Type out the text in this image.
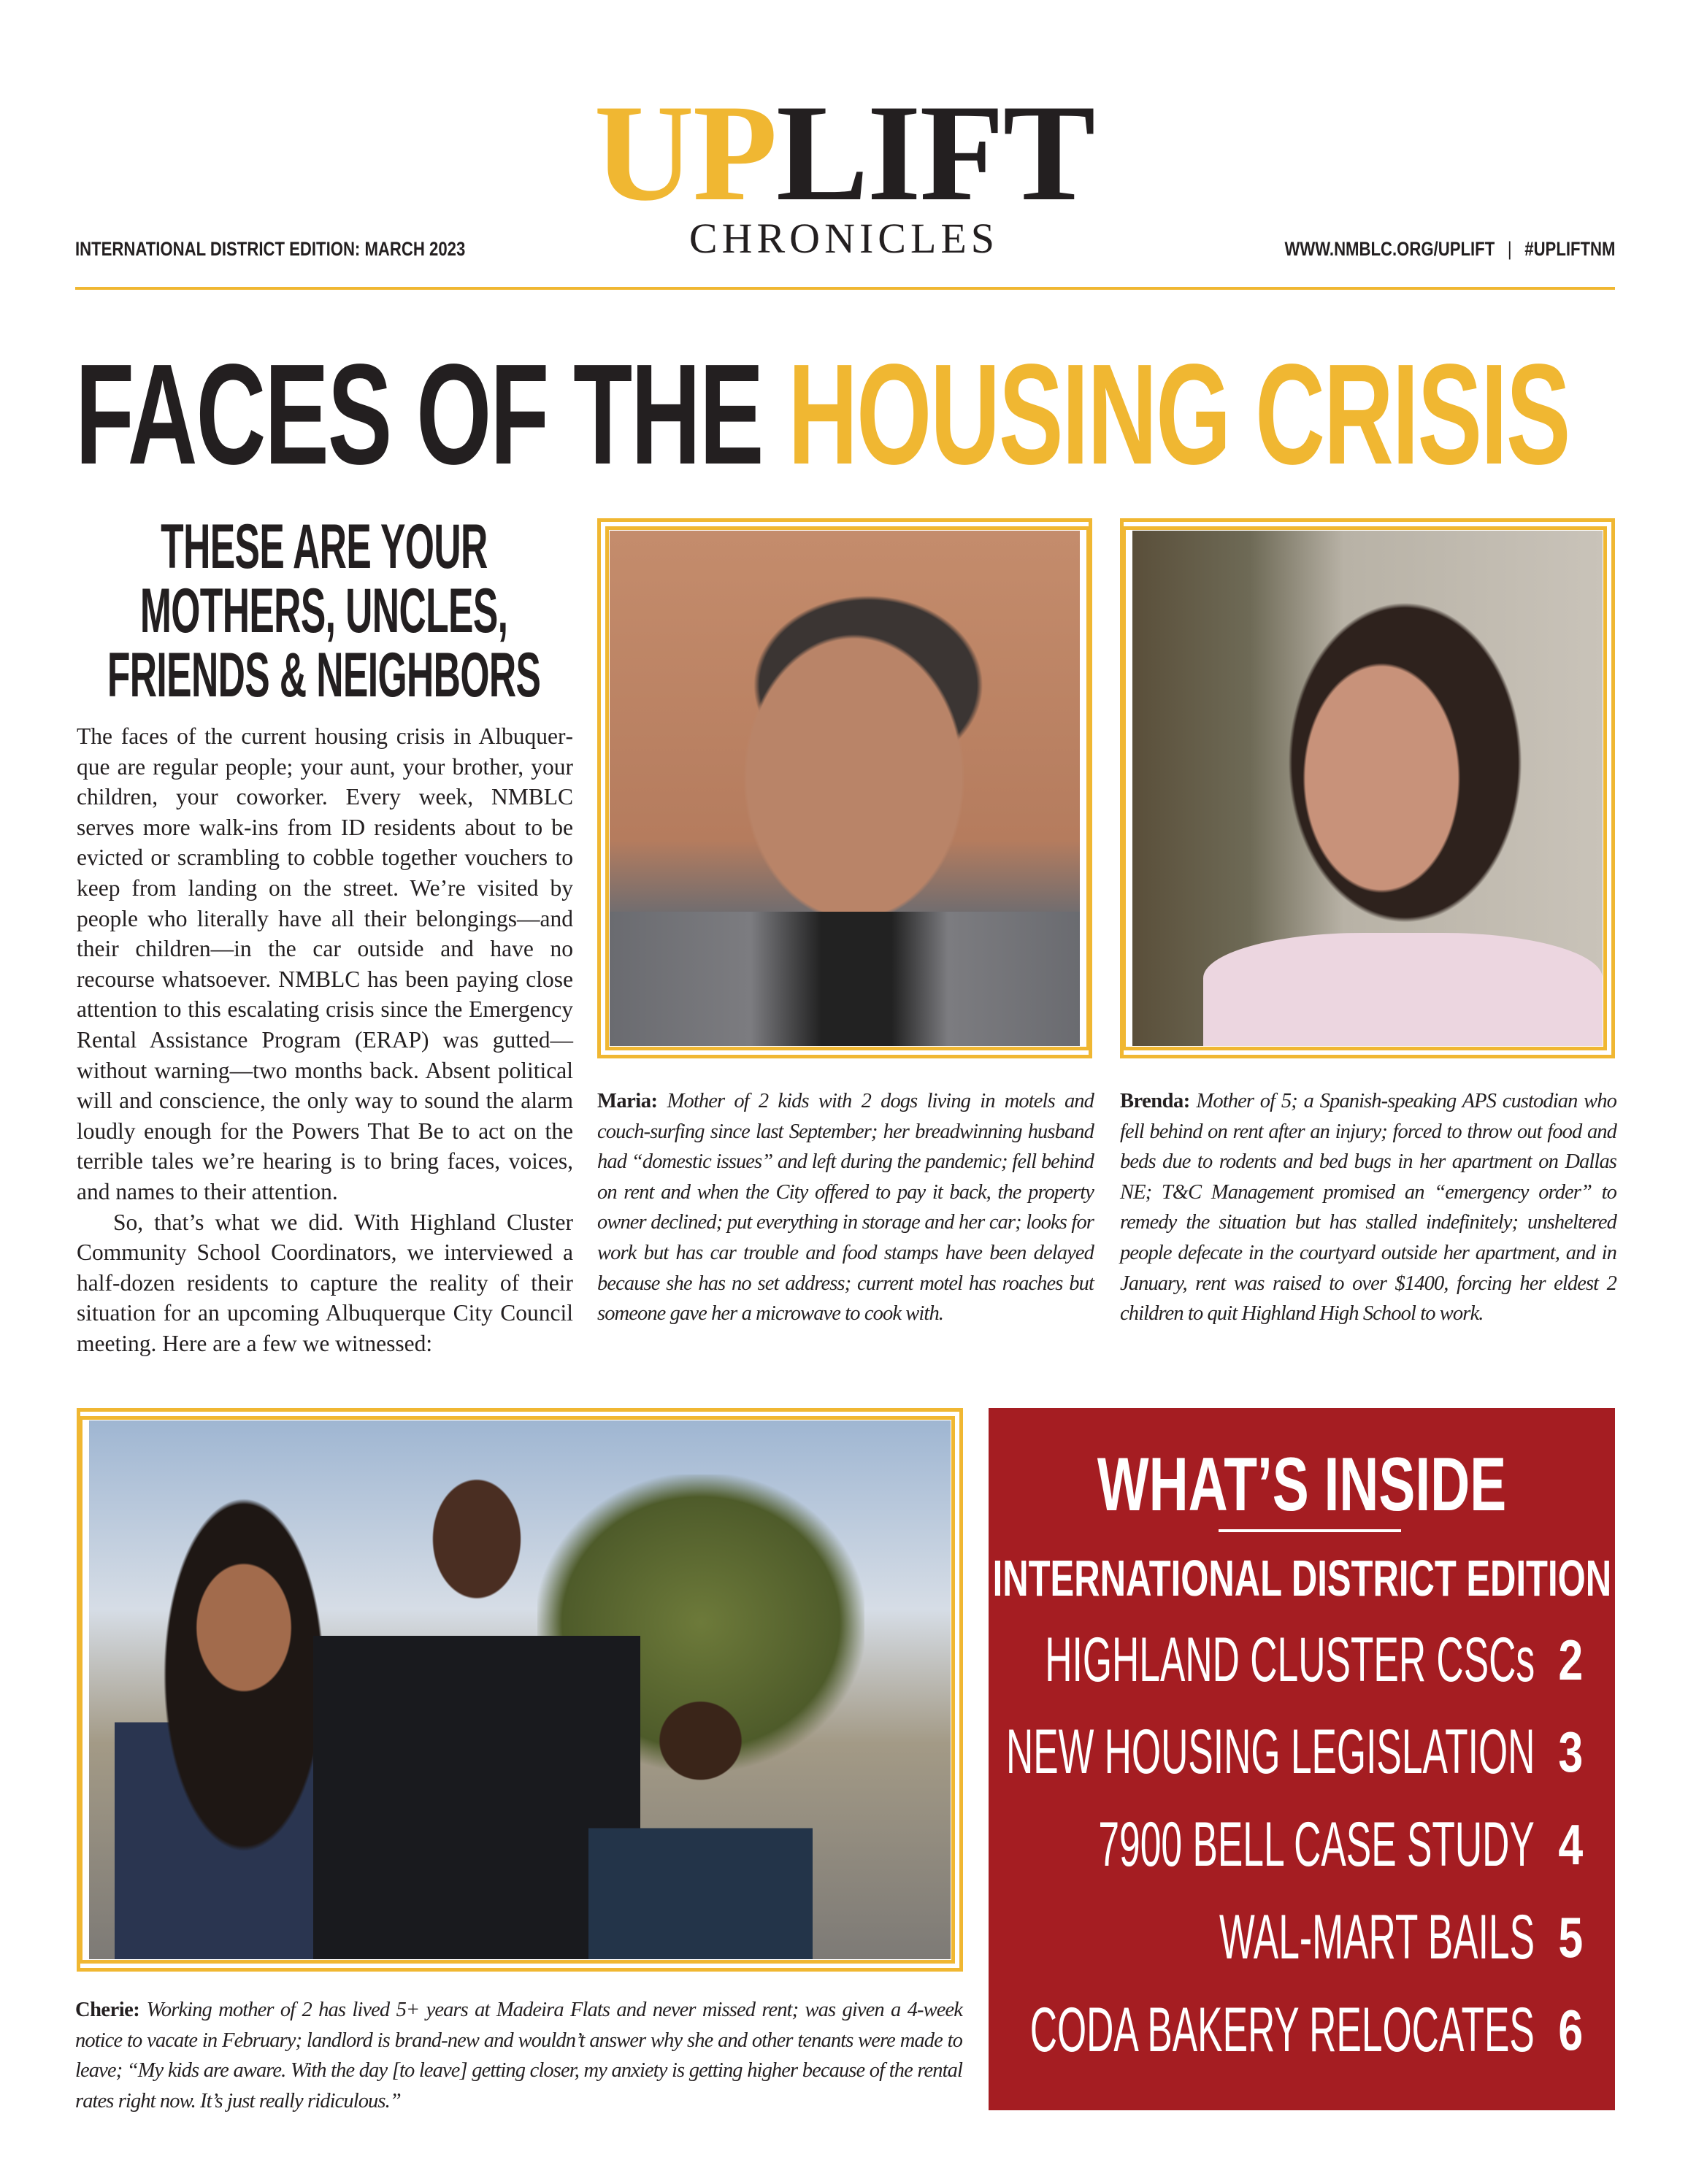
UPLIFT
CHRONICLES
INTERNATIONAL DISTRICT EDITION: MARCH 2023	WWW.NMBLC.ORG/UPLIFT | #UPLIFTNM
FACES OF THE HOUSING CRISIS
THESE ARE YOUR
MOTHERS, UNCLES,
FRIENDS & NEIGHBORS

The faces of the current housing crisis in Albuquerque are regular people; your aunt, your brother, your children, your coworker. Every week, NMBLC serves more walk-ins from ID residents about to be evicted or scrambling to cobble together vouchers to keep from landing on the street. We’re visited by people who literally have all their belongings—and their children—in the car outside and have no recourse whatsoever. NMBLC has been paying close attention to this escalating crisis since the Emergency Rental Assistance Program (ERAP) was gutted—without warning—two months back. Absent political will and conscience, the only way to sound the alarm loudly enough for the Powers That Be to act on the terrible tales we’re hearing is to bring faces, voices, and names to their attention.

So, that’s what we did. With Highland Cluster Community School Coordinators, we interviewed a half-dozen residents to capture the reality of their situation for an upcoming Albuquerque City Council meeting. Here are a few we witnessed:

Maria: Mother of 2 kids with 2 dogs living in motels and couch-surfing since last September; her breadwinning husband had “domestic issues” and left during the pandemic; fell behind on rent and when the City offered to pay it back, the property owner declined; put everything in storage and her car; looks for work but has car trouble and food stamps have been delayed because she has no set address; current motel has roaches but someone gave her a microwave to cook with.
Brenda: Mother of 5; a Spanish-speaking APS custodian who fell behind on rent after an injury; forced to throw out food and beds due to rodents and bed bugs in her apartment on Dallas NE; T&C Management promised an “emergency order” to remedy the situation but has stalled indefinitely; unsheltered people defecate in the courtyard outside her apartment, and in January, rent was raised to over $1400, forcing her eldest 2 children to quit Highland High School to work.
Cherie: Working mother of 2 has lived 5+ years at Madeira Flats and never missed rent; was given a 4-week notice to vacate in February; landlord is brand-new and wouldn’t answer why she and other tenants were made to leave; “My kids are aware. With the day [to leave] getting closer, my anxiety is getting higher because of the rental rates right now. It’s just really ridiculous.”
WHAT’S INSIDE
INTERNATIONAL DISTRICT EDITION
HIGHLAND CLUSTER CSCs 2
NEW HOUSING LEGISLATION 3
7900 BELL CASE STUDY 4
WAL-MART BAILS 5
CODA BAKERY RELOCATES 6
